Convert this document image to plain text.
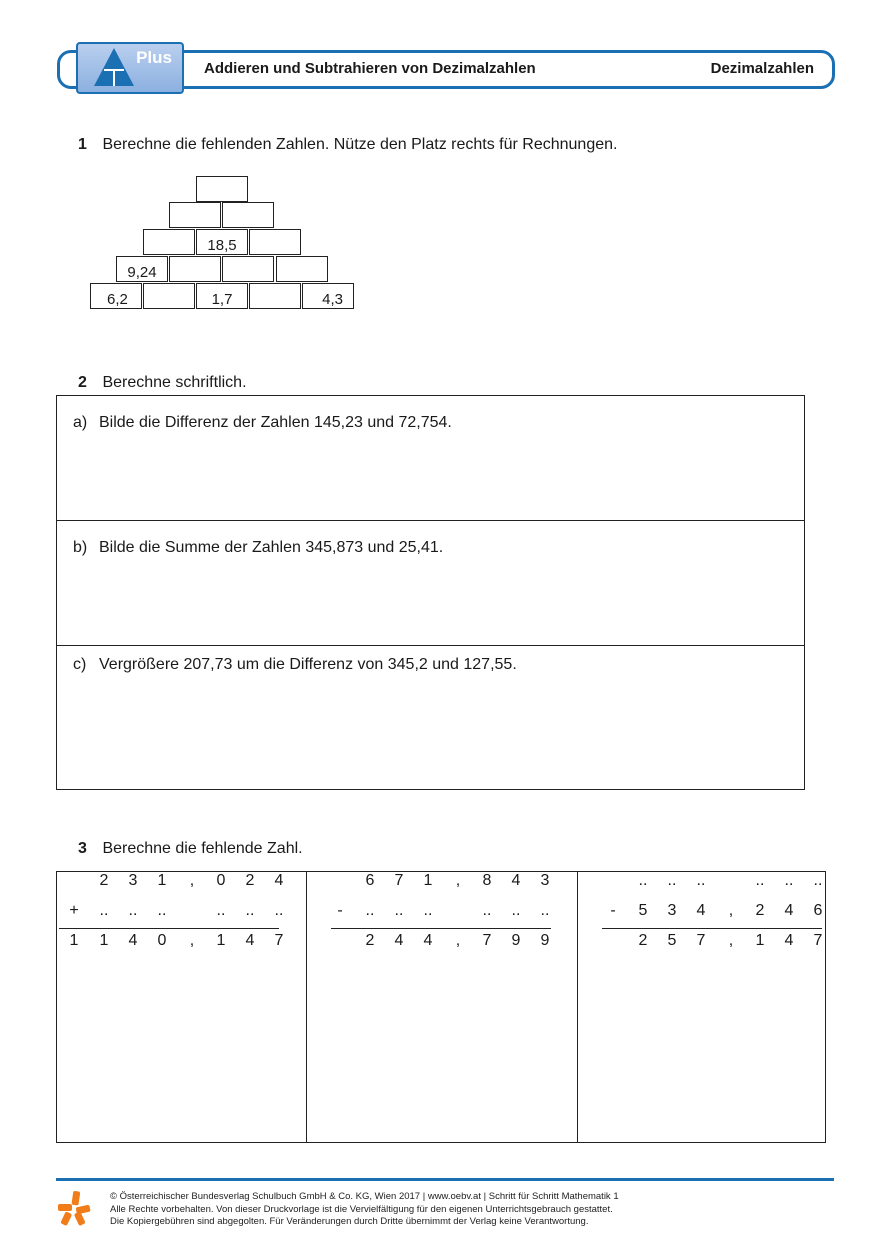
Plus
Addieren und Subtrahieren von Dezimalzahlen	Dezimalzahlen
1 Berechne die fehlenden Zahlen. Nütze den Platz rechts für Rechnungen.
18,5
9,24
6,2	1,7	4,3
2 Berechne schriftlich.
a) Bilde die Differenz der Zahlen 145,23 und 72,754.
b) Bilde die Summe der Zahlen 345,873 und 25,41.
c) Vergrößere 207,73 um die Differenz von 345,2 und 127,55.
3 Berechne die fehlende Zahl.
2 3 1	,	0 2 4
+ .. .. ..	.. .. ..
1 1 4 0	,	1 4 7
6 7 1	,	8 4 3
-	.. .. ..	.. .. ..
2 4 4	,	7 9 9
.. .. ..	.. .. ..
-	5 3 4	,	2 4 6
2 5 7	,	1 4 7
© Österreichischer Bundesverlag Schulbuch GmbH & Co. KG, Wien 2017 | www.oebv.at | Schritt für Schritt Mathematik 1
Alle Rechte vorbehalten. Von dieser Druckvorlage ist die Vervielfältigung für den eigenen Unterrichtsgebrauch gestattet.
Die Kopiergebühren sind abgegolten. Für Veränderungen durch Dritte übernimmt der Verlag keine Verantwortung.
